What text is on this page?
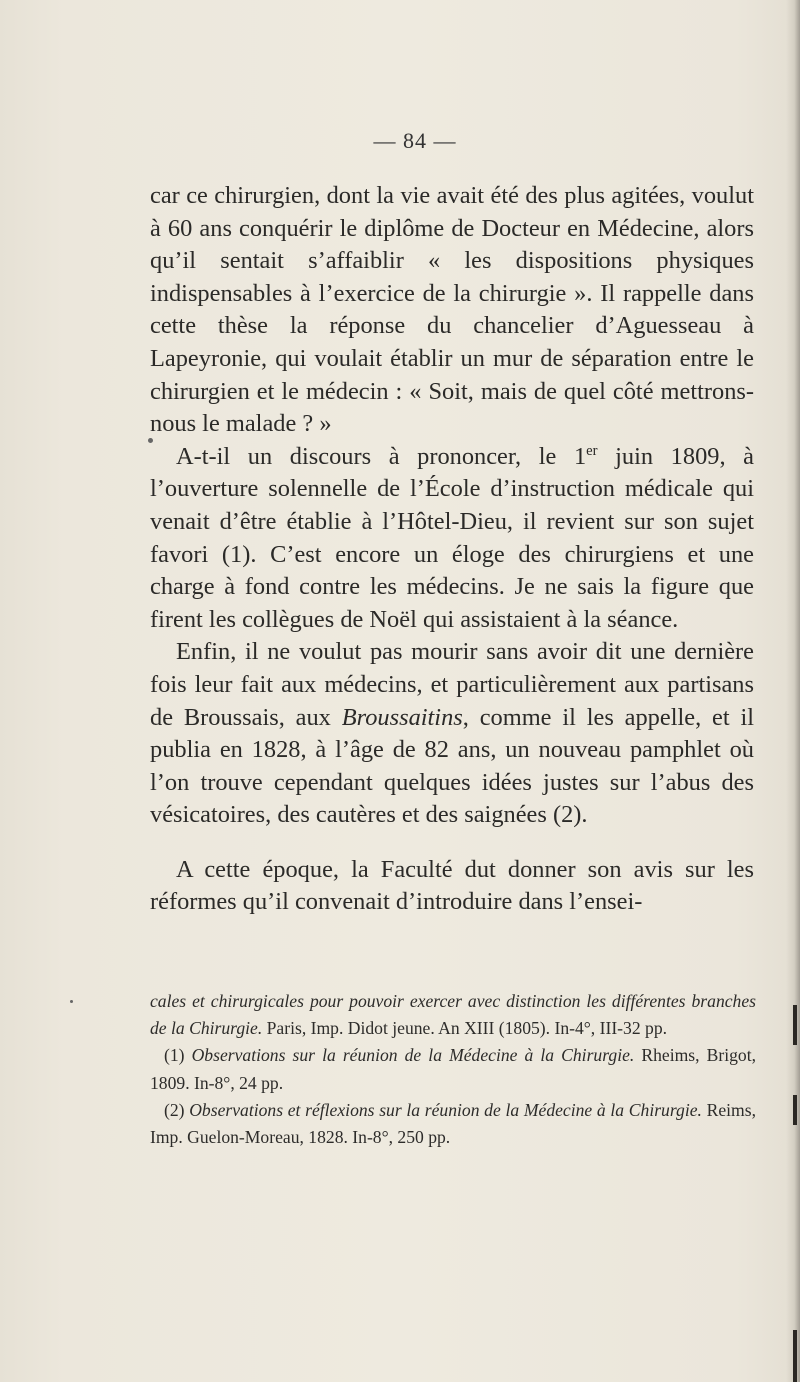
— 84 —

car ce chirurgien, dont la vie avait été des plus agitées, voulut à 60 ans conquérir le diplôme de Docteur en Médecine, alors qu’il sentait s’affaiblir « les dispositions physiques indispensables à l’exercice de la chirurgie ». Il rappelle dans cette thèse la réponse du chancelier d’Aguesseau à Lapeyronie, qui voulait établir un mur de séparation entre le chirurgien et le médecin : « Soit, mais de quel côté mettrons-nous le malade ? »

A-t-il un discours à prononcer, le 1er juin 1809, à l’ouverture solennelle de l’École d’instruction médicale qui venait d’être établie à l’Hôtel-Dieu, il revient sur son sujet favori (1). C’est encore un éloge des chirurgiens et une charge à fond contre les médecins. Je ne sais la figure que firent les collègues de Noël qui assistaient à la séance.

Enfin, il ne voulut pas mourir sans avoir dit une dernière fois leur fait aux médecins, et particulièrement aux partisans de Broussais, aux Broussaitins, comme il les appelle, et il publia en 1828, à l’âge de 82 ans, un nouveau pamphlet où l’on trouve cependant quelques idées justes sur l’abus des vésicatoires, des cautères et des saignées (2).

A cette époque, la Faculté dut donner son avis sur les réformes qu’il convenait d’introduire dans l’ensei-

cales et chirurgicales pour pouvoir exercer avec distinction les différentes branches de la Chirurgie. Paris, Imp. Didot jeune. An XIII (1805). In-4°, III-32 pp.

(1) Observations sur la réunion de la Médecine à la Chirurgie. Rheims, Brigot, 1809. In-8°, 24 pp.

(2) Observations et réflexions sur la réunion de la Médecine à la Chirurgie. Reims, Imp. Guelon-Moreau, 1828. In-8°, 250 pp.
